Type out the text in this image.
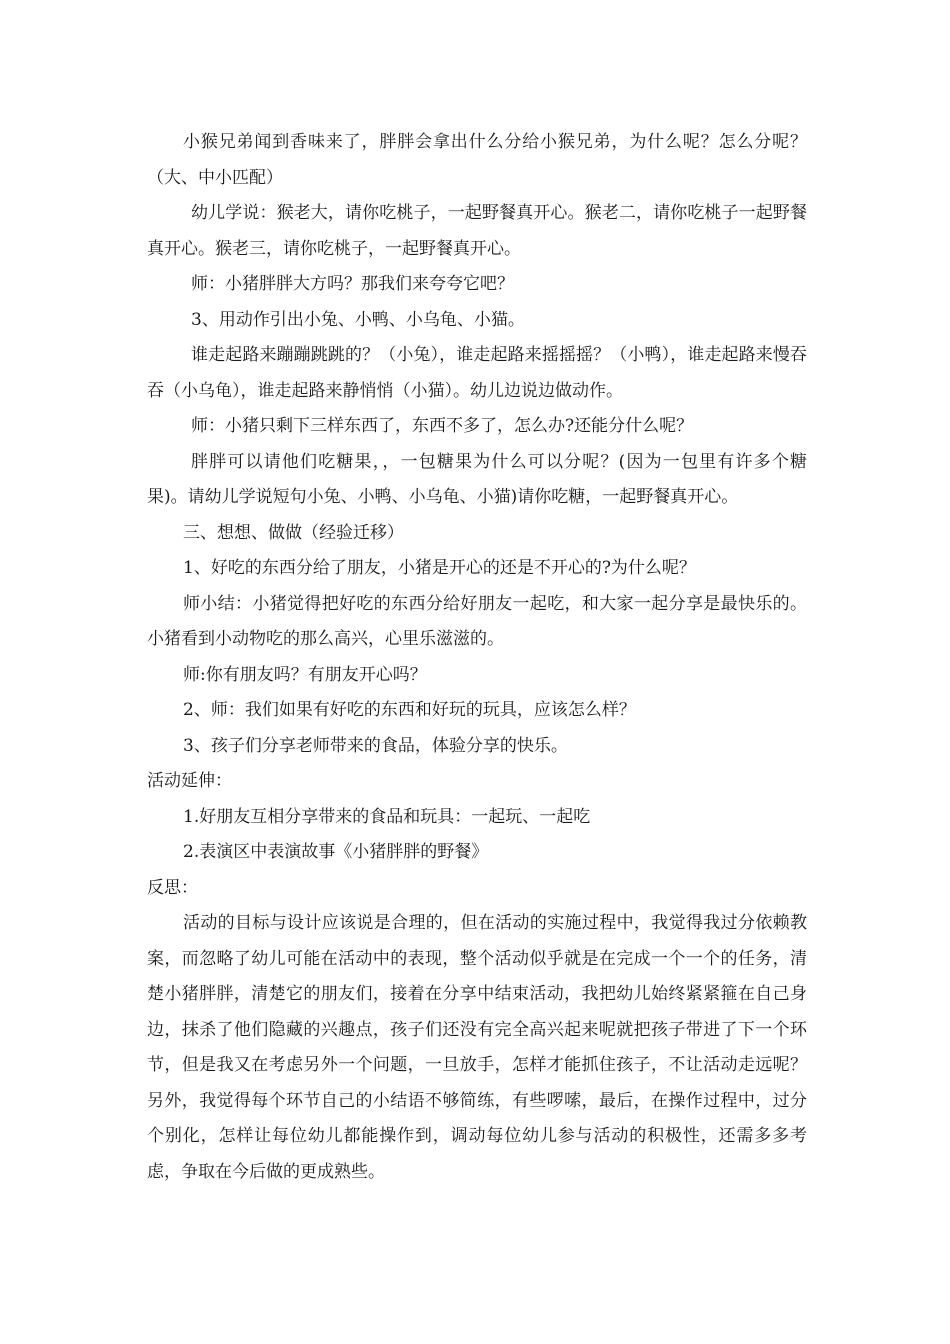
小猴兄弟闻到香味来了，胖胖会拿出什么分给小猴兄弟，为什么呢？怎么分呢？（大、中小匹配）

幼儿学说：猴老大，请你吃桃子，一起野餐真开心。猴老二，请你吃桃子一起野餐真开心。猴老三，请你吃桃子，一起野餐真开心。

师：小猪胖胖大方吗？那我们来夸夸它吧？

3、用动作引出小兔、小鸭、小乌龟、小猫。

谁走起路来蹦蹦跳跳的？（小兔），谁走起路来摇摇摇？（小鸭），谁走起路来慢吞吞（小乌龟），谁走起路来静悄悄（小猫）。幼儿边说边做动作。

师：小猪只剩下三样东西了，东西不多了，怎么办?还能分什么呢？

胖胖可以请他们吃糖果，，一包糖果为什么可以分呢？(因为一包里有许多个糖果)。请幼儿学说短句小兔、小鸭、小乌龟、小猫)请你吃糖，一起野餐真开心。

三、想想、做做（经验迁移）

1、好吃的东西分给了朋友，小猪是开心的还是不开心的?为什么呢？

师小结：小猪觉得把好吃的东西分给好朋友一起吃，和大家一起分享是最快乐的。小猪看到小动物吃的那么高兴，心里乐滋滋的。

师:你有朋友吗？有朋友开心吗？

2、师：我们如果有好吃的东西和好玩的玩具，应该怎么样？

3、孩子们分享老师带来的食品，体验分享的快乐。

活动延伸：

1.好朋友互相分享带来的食品和玩具：一起玩、一起吃

2.表演区中表演故事《小猪胖胖的野餐》

反思：

活动的目标与设计应该说是合理的，但在活动的实施过程中，我觉得我过分依赖教案，而忽略了幼儿可能在活动中的表现，整个活动似乎就是在完成一个一个的任务，清楚小猪胖胖，清楚它的朋友们，接着在分享中结束活动，我把幼儿始终紧紧箍在自己身边，抹杀了他们隐藏的兴趣点，孩子们还没有完全高兴起来呢就把孩子带进了下一个环节，但是我又在考虑另外一个问题，一旦放手，怎样才能抓住孩子，不让活动走远呢？另外，我觉得每个环节自己的小结语不够简练，有些啰嗦，最后，在操作过程中，过分个别化，怎样让每位幼儿都能操作到，调动每位幼儿参与活动的积极性，还需多多考虑，争取在今后做的更成熟些。
